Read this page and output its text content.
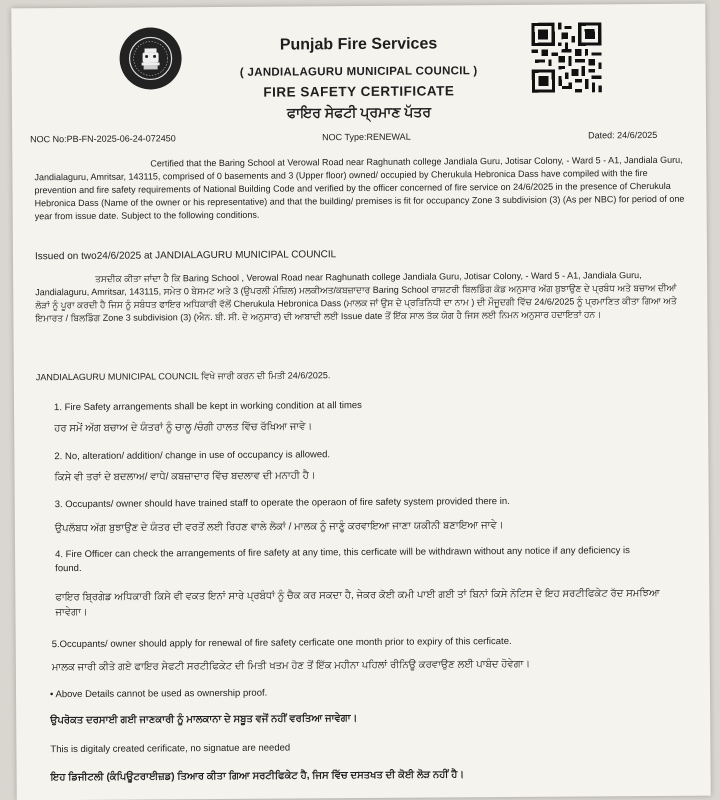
Punjab Fire Services
( JANDIALAGURU MUNICIPAL COUNCIL )
FIRE SAFETY CERTIFICATE
ਫਾਇਰ ਸੇਫਟੀ ਪ੍ਰਮਾਣ ਪੱਤਰ
NOC No:PB-FN-2025-06-24-072450	NOC Type:RENEWAL	Dated: 24/6/2025
Certified that the Baring School at Verowal Road near Raghunath college Jandiala Guru, Jotisar Colony, - Ward 5 - A1, Jandiala Guru, Jandialaguru, Amritsar, 143115, comprised of 0 basements and 3 (Upper floor) owned/ occupied by Cherukula Hebronica Dass have compiled with the fire prevention and fire safety requirements of National Building Code and verified by the officer concerned of fire service on 24/6/2025 in the presence of Cherukula Hebronica Dass (Name of the owner or his representative) and that the building/ premises is fit for occupancy Zone 3 subdivision (3) (As per NBC) for period of one year from issue date. Subject to the following conditions.
Issued on two24/6/2025 at JANDIALAGURU MUNICIPAL COUNCIL
ਤਸਦੀਕ ਕੀਤਾ ਜਾਂਦਾ ਹੈ ਕਿ Baring School , Verowal Road near Raghunath college Jandiala Guru, Jotisar Colony, - Ward 5 - A1, Jandiala Guru, Jandialaguru, Amritsar, 143115, ਸਮੇਤ 0 ਬੇਸਮਟ ਅਤੇ 3 (ਉਪਰਲੀ ਮੰਜ਼ਿਲ) ਮਲਕੀਅਤ/ਕਬਜ਼ਾਦਾਰ Baring School ਰਾਸ਼ਟਰੀ ਬਿਲਡਿੰਗ ਕੋਡ ਅਨੁਸਾਰ ਅੱਗ ਬੁਝਾਉਣ ਦੇ ਪ੍ਰਬੰਧ ਅਤੇ ਬਚਾਅ ਦੀਆਂ ਲੋੜਾਂ ਨੂੰ ਪੂਰਾ ਕਰਦੀ ਹੈ ਜਿਸ ਨੂੰ ਸਬੰਧਤ ਫਾਇਰ ਅਧਿਕਾਰੀ ਵੱਲੋਂ Cherukula Hebronica Dass (ਮਾਲਕ ਜਾਂ ਉਸ ਦੇ ਪ੍ਰਤਿਨਿਧੀ ਦਾ ਨਾਮ ) ਦੀ ਮੌਜੂਦਗੀ ਵਿੱਚ 24/6/2025 ਨੂੰ ਪ੍ਰਮਾਣਿਤ ਕੀਤਾ ਗਿਆ ਅਤੇ ਇਮਾਰਤ / ਬਿਲਡਿੰਗ Zone 3 subdivision (3) (ਐਨ. ਬੀ. ਸੀ. ਦੇ ਅਨੁਸਾਰ) ਦੀ ਆਬਾਦੀ ਲਈ Issue date ਤੋਂ ਇੱਕ ਸਾਲ ਤੱਕ ਯੋਗ ਹੈ ਜਿਸ ਲਈ ਨਿਮਨ ਅਨੁਸਾਰ ਹਦਾਇਤਾਂ ਹਨ।
JANDIALAGURU MUNICIPAL COUNCIL ਵਿਖੇ ਜਾਰੀ ਕਰਨ ਦੀ ਮਿਤੀ 24/6/2025.
1. Fire Safety arrangements shall be kept in working condition at all times
ਹਰ ਸਮੇਂ ਅੱਗ ਬਚਾਅ ਦੇ ਯੰਤਰਾਂ ਨੂੰ ਚਾਲੂ /ਚੰਗੀ ਹਾਲਤ ਵਿੱਚ ਰੱਖਿਆ ਜਾਵੇ।
2. No, alteration/ addition/ change in use of occupancy is allowed.
ਕਿਸੇ ਵੀ ਤਰਾਂ ਦੇ ਬਦਲਾਅ/ ਵਾਧੇ/ ਕਬਜ਼ਾਦਾਰ ਵਿੱਚ ਬਦਲਾਵ ਦੀ ਮਨਾਹੀ ਹੈ।
3. Occupants/ owner should have trained staff to operate the operaon of fire safety system provided there in.
ਉਪਲੱਬਧ ਅੱਗ ਬੁਝਾਉਣ ਦੇ ਯੰਤਰ ਦੀ ਵਰਤੋਂ ਲਈ ਰਿਹਣ ਵਾਲੇ ਲੋਕਾਂ / ਮਾਲਕ ਨੂੰ ਜਾਣੂੰ ਕਰਵਾਇਆ ਜਾਣਾ ਯਕੀਨੀ ਬਣਾਇਆ ਜਾਵੇ।
4. Fire Officer can check the arrangements of fire safety at any time, this cerficate will be withdrawn without any notice if any deficiency is found.
ਫਾਇਰ ਬ੍ਰਿਗੇਡ ਅਧਿਕਾਰੀ ਕਿਸੇ ਵੀ ਵਕਤ ਇਨਾਂ ਸਾਰੇ ਪ੍ਰਬੰਧਾਂ ਨੂੰ ਚੈਕ ਕਰ ਸਕਦਾ ਹੈ, ਜੇਕਰ ਕੋਈ ਕਮੀ ਪਾਈ ਗਈ ਤਾਂ ਬਿਨਾਂ ਕਿਸੇ ਨੋਟਿਸ ਦੇ ਇਹ ਸਰਟੀਫਿਕੇਟ ਰੱਦ ਸਮਝਿਆ ਜਾਵੇਗਾ।
5.Occupants/ owner should apply for renewal of fire safety cerficate one month prior to expiry of this cerficate.
ਮਾਲਕ ਜਾਰੀ ਕੀਤੇ ਗਏ ਫਾਇਰ ਸੇਫਟੀ ਸਰਟੀਫਿਕੇਟ ਦੀ ਮਿਤੀ ਖਤਮ ਹੋਣ ਤੋਂ ਇੱਕ ਮਹੀਨਾ ਪਹਿਲਾਂ ਰੀਨਿਊ ਕਰਵਾਉਣ ਲਈ ਪਾਬੰਦ ਹੋਵੇਗਾ।
• Above Details cannot be used as ownership proof.
ਉਪਰੋਕਤ ਦਰਸਾਈ ਗਈ ਜਾਣਕਾਰੀ ਨੂੰ ਮਾਲਕਾਨਾ ਦੇ ਸਬੂਤ ਵਜੋਂ ਨਹੀਂ ਵਰਤਿਆ ਜਾਵੇਗਾ।
This is digitaly created cerificate, no signatue are needed
ਇਹ ਡਿਜੀਟਲੀ (ਕੰਪਿਊਟਰਾਈਜ਼ਡ) ਤਿਆਰ ਕੀਤਾ ਗਿਆ ਸਰਟੀਫਿਕੇਟ ਹੈ, ਜਿਸ ਵਿੱਚ ਦਸਤਖਤ ਦੀ ਕੋਈ ਲੋੜ ਨਹੀਂ ਹੈ।
